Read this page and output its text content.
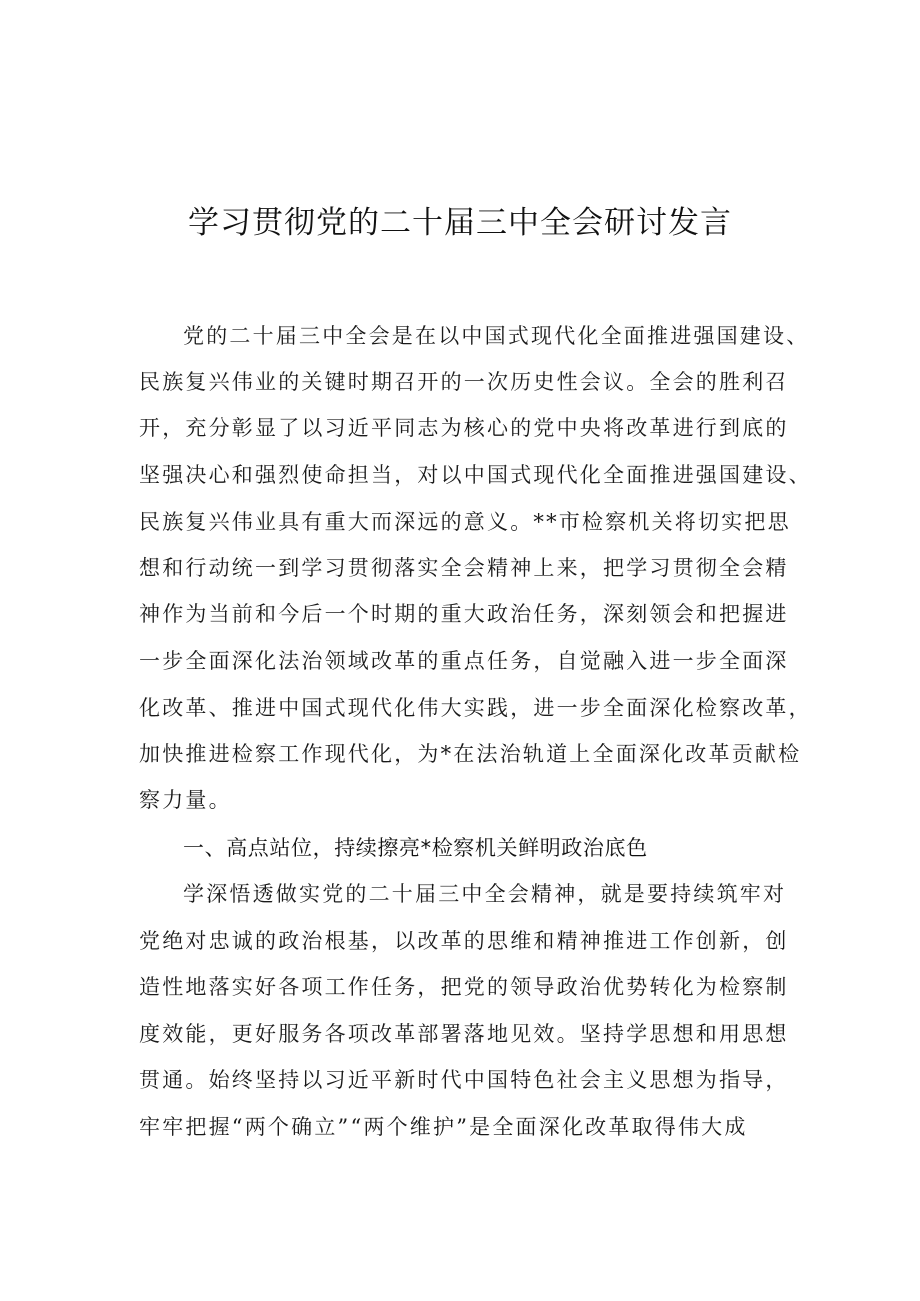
学习贯彻党的二十届三中全会研讨发言
党的二十届三中全会是在以中国式现代化全面推进强国建设、
民族复兴伟业的关键时期召开的一次历史性会议。全会的胜利召
开，充分彰显了以习近平同志为核心的党中央将改革进行到底的
坚强决心和强烈使命担当，对以中国式现代化全面推进强国建设、
民族复兴伟业具有重大而深远的意义。**市检察机关将切实把思
想和行动统一到学习贯彻落实全会精神上来，把学习贯彻全会精
神作为当前和今后一个时期的重大政治任务，深刻领会和把握进
一步全面深化法治领域改革的重点任务，自觉融入进一步全面深
化改革、推进中国式现代化伟大实践，进一步全面深化检察改革，
加快推进检察工作现代化，为*在法治轨道上全面深化改革贡献检
察力量。
一、高点站位，持续擦亮*检察机关鲜明政治底色
学深悟透做实党的二十届三中全会精神，就是要持续筑牢对
党绝对忠诚的政治根基，以改革的思维和精神推进工作创新，创
造性地落实好各项工作任务，把党的领导政治优势转化为检察制
度效能，更好服务各项改革部署落地见效。坚持学思想和用思想
贯通。始终坚持以习近平新时代中国特色社会主义思想为指导，
牢牢把握“两个确立”“两个维护”是全面深化改革取得伟大成
